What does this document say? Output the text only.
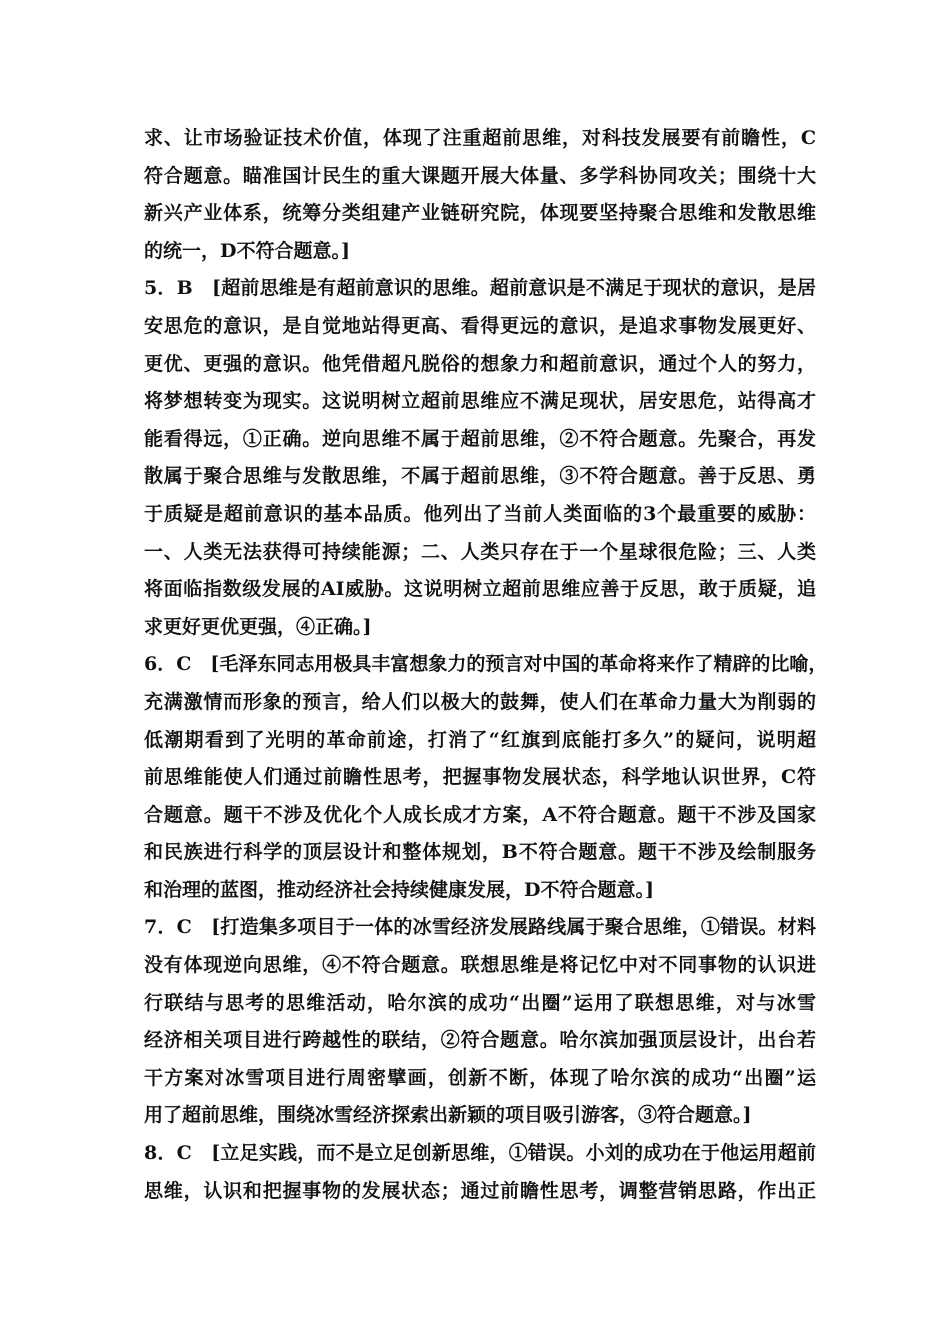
求、让市场验证技术价值，体现了注重超前思维，对科技发展要有前瞻性，C
符合题意。瞄准国计民生的重大课题开展大体量、多学科协同攻关；围绕十大
新兴产业体系，统筹分类组建产业链研究院，体现要坚持聚合思维和发散思维
的统一，D不符合题意。]
5．B　[超前思维是有超前意识的思维。超前意识是不满足于现状的意识，是居
安思危的意识，是自觉地站得更高、看得更远的意识，是追求事物发展更好、
更优、更强的意识。他凭借超凡脱俗的想象力和超前意识，通过个人的努力，
将梦想转变为现实。这说明树立超前思维应不满足现状，居安思危，站得高才
能看得远，①正确。逆向思维不属于超前思维，②不符合题意。先聚合，再发
散属于聚合思维与发散思维，不属于超前思维，③不符合题意。善于反思、勇
于质疑是超前意识的基本品质。他列出了当前人类面临的3个最重要的威胁：
一、人类无法获得可持续能源；二、人类只存在于一个星球很危险；三、人类
将面临指数级发展的AI威胁。这说明树立超前思维应善于反思，敢于质疑，追
求更好更优更强，④正确。]
6．C　[毛泽东同志用极具丰富想象力的预言对中国的革命将来作了精辟的比喻，
充满激情而形象的预言，给人们以极大的鼓舞，使人们在革命力量大为削弱的
低潮期看到了光明的革命前途，打消了“红旗到底能打多久”的疑问，说明超
前思维能使人们通过前瞻性思考，把握事物发展状态，科学地认识世界，C符
合题意。题干不涉及优化个人成长成才方案，A不符合题意。题干不涉及国家
和民族进行科学的顶层设计和整体规划，B不符合题意。题干不涉及绘制服务
和治理的蓝图，推动经济社会持续健康发展，D不符合题意。]
7．C　[打造集多项目于一体的冰雪经济发展路线属于聚合思维，①错误。材料
没有体现逆向思维，④不符合题意。联想思维是将记忆中对不同事物的认识进
行联结与思考的思维活动，哈尔滨的成功“出圈”运用了联想思维，对与冰雪
经济相关项目进行跨越性的联结，②符合题意。哈尔滨加强顶层设计，出台若
干方案对冰雪项目进行周密擘画，创新不断，体现了哈尔滨的成功“出圈”运
用了超前思维，围绕冰雪经济探索出新颖的项目吸引游客，③符合题意。]
8．C　[立足实践，而不是立足创新思维，①错误。小刘的成功在于他运用超前
思维，认识和把握事物的发展状态；通过前瞻性思考，调整营销思路，作出正
